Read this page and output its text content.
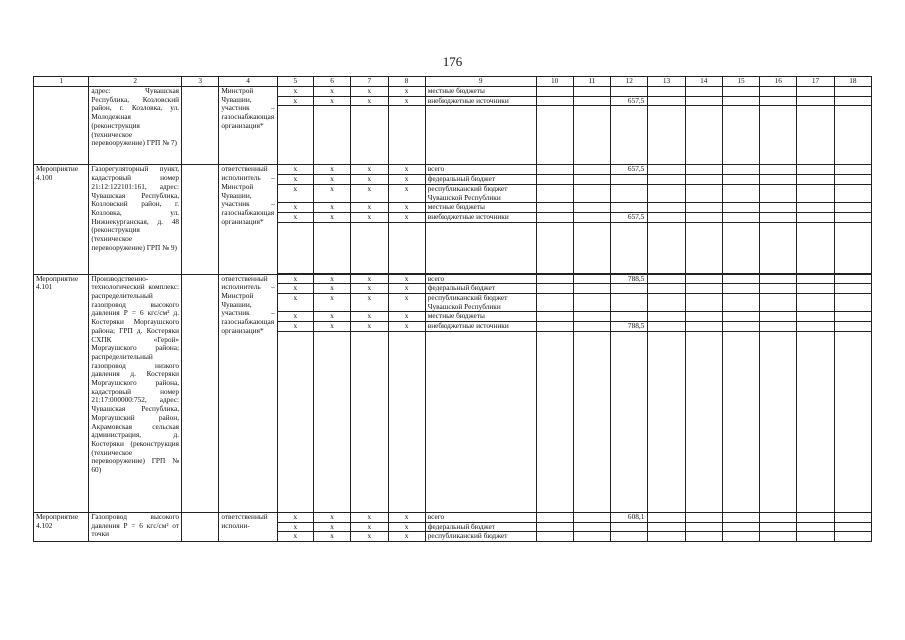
176
1	2	3	4	5	6	7	8	9	10	11	12	13	14	15	16	17	18
	адрес: Чувашская Республика, Козловский район, г. Козловка, ул. Молодежная (реконструкция (техническое перевооружение) ГРП № 7)		Минстрой Чувашии, участник – газоснабжающая организация*	x	x	x	x	местные бюджеты									
				x	x	x	x	внебюджетные источники			657,5						

Мероприятие 4.100	Газорегуляторный пункт, кадастровый номер 21:12:122101:161, адрес: Чувашская Республика, Козловский район, г. Козловка, ул. Нижнекурганская, д. 48 (реконструкция (техническое перевооружение) ГРП № 9)		ответственный исполнитель – Минстрой Чувашии, участник – газоснабжающая организация*	x	x	x	x	всего			657,5						
				x	x	x	x	федеральный бюджет									
				x	x	x	x	республиканский бюджет
Чувашской Республики									
				x	x	x	x	местные бюджеты									
				x	x	x	x	внебюджетные источники			657,5						

Мероприятие 4.101	Производственно-технологический комплекс: распределительный газопровод высокого давления Р = 6 кгс/см² д. Костеряки Моргаушского района; ГРП д. Костеряки СХПК «Герой» Моргаушского района; распределительный газопровод низкого давления д. Костеряки Моргаушского района, кадастровый номер 21:17:000000:752, адрес: Чувашская Республика, Моргаушский район, Акрамовская сельская администрация, д. Костеряки (реконструкция (техническое перевооружение) ГРП № 60)		ответственный исполнитель – Минстрой Чувашии, участник – газоснабжающая организация*	x	x	x	x	всего			788,5						
				x	x	x	x	федеральный бюджет									
				x	x	x	x	республиканский бюджет
Чувашской Республики									
				x	x	x	x	местные бюджеты									
				x	x	x	x	внебюджетные источники			788,5						

Мероприятие 4.102	Газопровод высокого давления Р = 6 кгс/см² от точки		ответственный исполни-	x	x	x	x	всего			608,1						
				x	x	x	x	федеральный бюджет									
				x	x	x	x	республиканский бюджет									
